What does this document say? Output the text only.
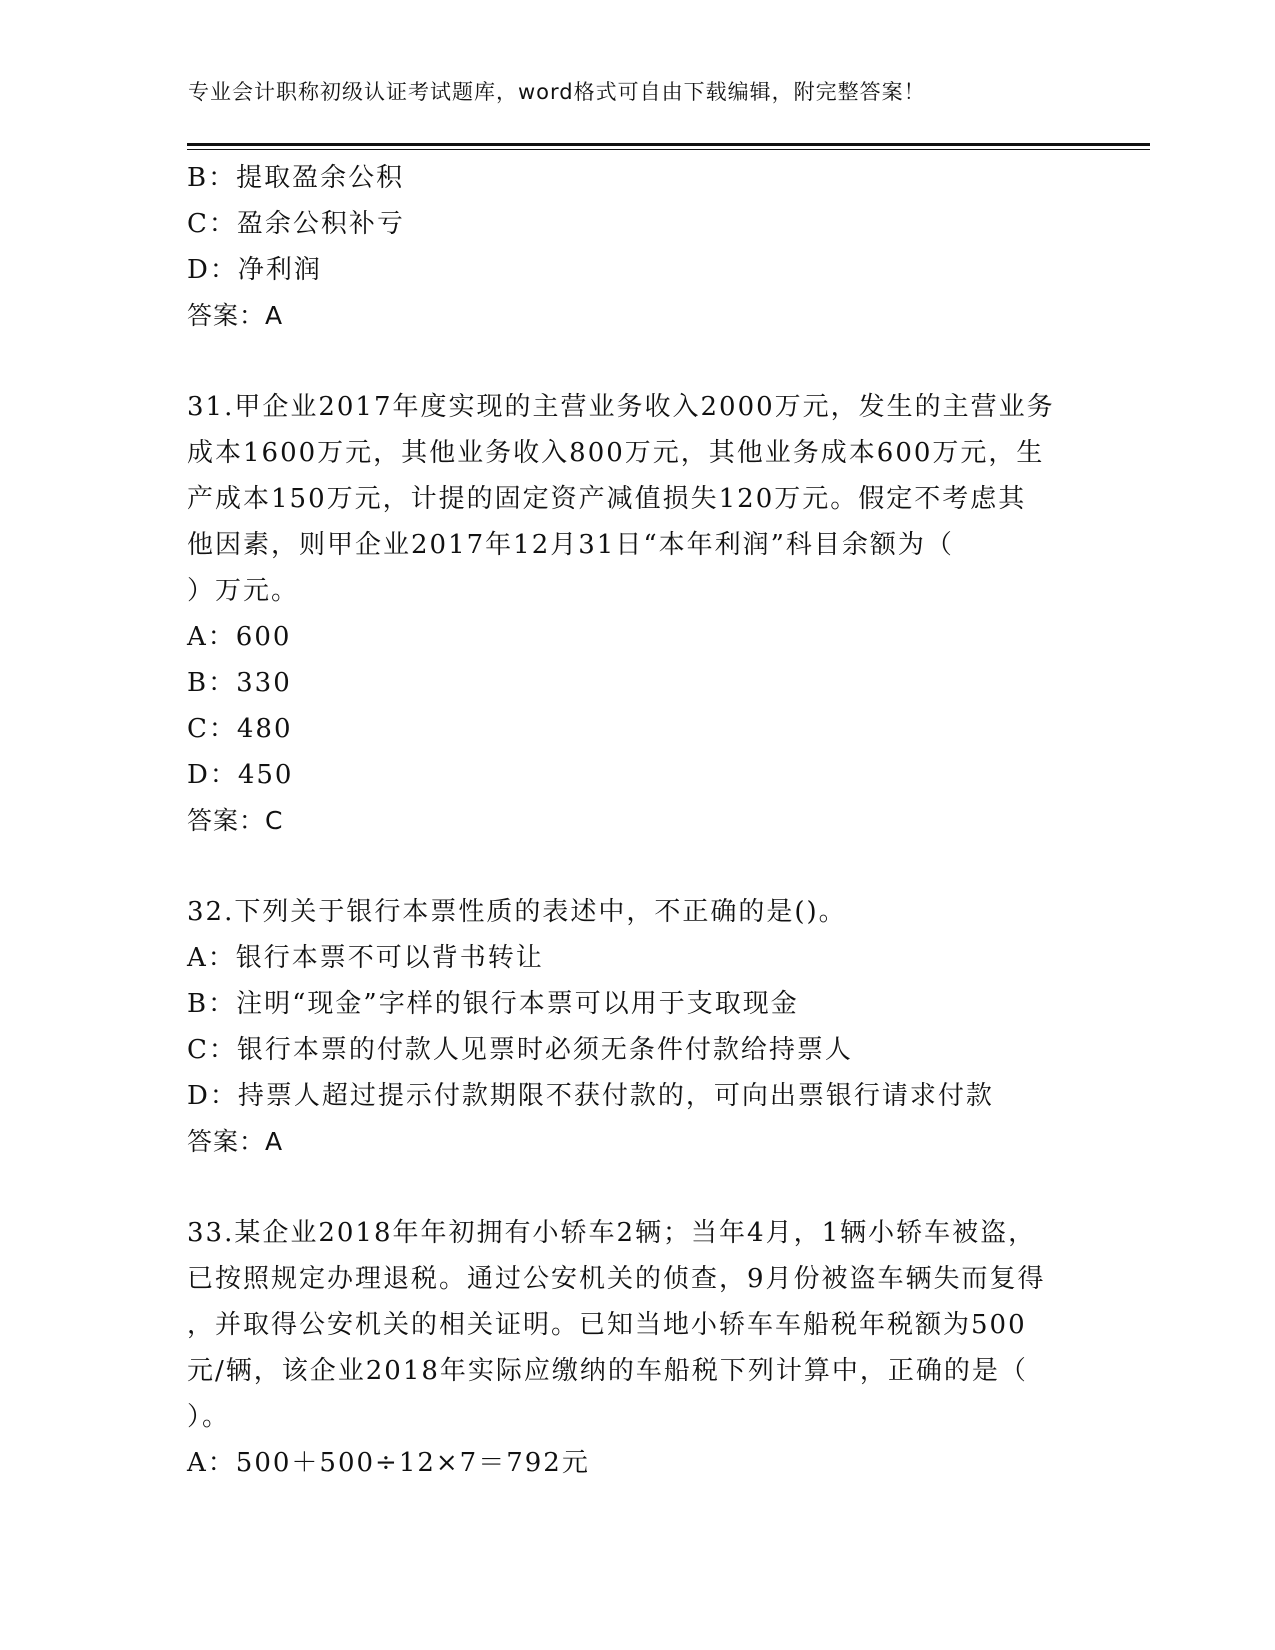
专业会计职称初级认证考试题库，word格式可自由下载编辑，附完整答案！
B：提取盈余公积
C：盈余公积补亏
D：净利润
答案：A
31.甲企业2017年度实现的主营业务收入2000万元，发生的主营业务
成本1600万元，其他业务收入800万元，其他业务成本600万元，生
产成本150万元，计提的固定资产减值损失120万元。假定不考虑其
他因素，则甲企业2017年12月31日“本年利润”科目余额为（
）万元。
A：600
B：330
C：480
D：450
答案：C
32.下列关于银行本票性质的表述中，不正确的是()。
A：银行本票不可以背书转让
B：注明“现金”字样的银行本票可以用于支取现金
C：银行本票的付款人见票时必须无条件付款给持票人
D：持票人超过提示付款期限不获付款的，可向出票银行请求付款
答案：A
33.某企业2018年年初拥有小轿车2辆；当年4月，1辆小轿车被盗，
已按照规定办理退税。通过公安机关的侦查，9月份被盗车辆失而复得
，并取得公安机关的相关证明。已知当地小轿车车船税年税额为500
元/辆，该企业2018年实际应缴纳的车船税下列计算中，正确的是（
）。
A：500＋500÷12×7＝792元
